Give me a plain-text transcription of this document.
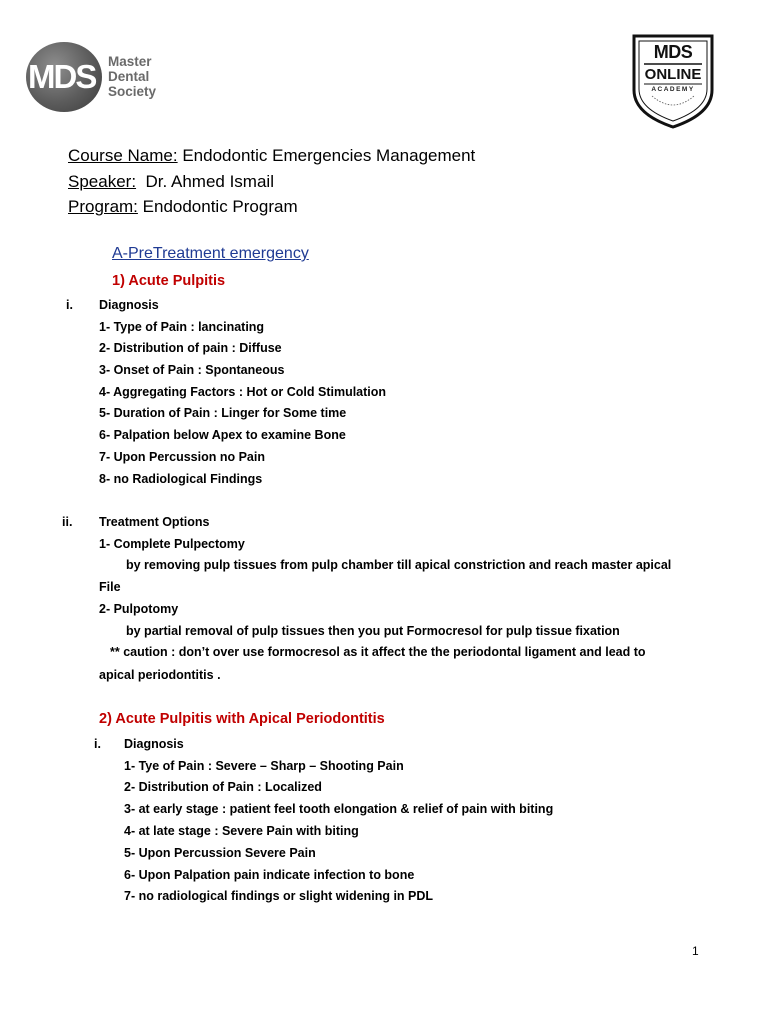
MDS Master
Dental
Society
MDS
ONLINE
ACADEMY
Course Name: Endodontic Emergencies Management
Speaker:  Dr. Ahmed Ismail
Program: Endodontic Program
A-PreTreatment emergency
1) Acute Pulpitis
i. Diagnosis
1- Type of Pain : lancinating
2- Distribution of pain : Diffuse
3- Onset of Pain : Spontaneous
4- Aggregating Factors : Hot or Cold Stimulation
5- Duration of Pain : Linger for Some time
6- Palpation below Apex to examine Bone
7- Upon Percussion no Pain
8- no Radiological Findings
ii. Treatment Options
1- Complete Pulpectomy
by removing pulp tissues from pulp chamber till apical constriction and reach master apical
File
2- Pulpotomy
by partial removal of pulp tissues then you put Formocresol for pulp tissue fixation
** caution : don’t over use formocresol as it affect the the periodontal ligament and lead to
apical periodontitis .
2) Acute Pulpitis with Apical Periodontitis
i. Diagnosis
1- Tye of Pain : Severe – Sharp – Shooting Pain
2- Distribution of Pain : Localized
3- at early stage : patient feel tooth elongation & relief of pain with biting
4- at late stage : Severe Pain with biting
5- Upon Percussion Severe Pain
6- Upon Palpation pain indicate infection to bone
7- no radiological findings or slight widening in PDL
1
